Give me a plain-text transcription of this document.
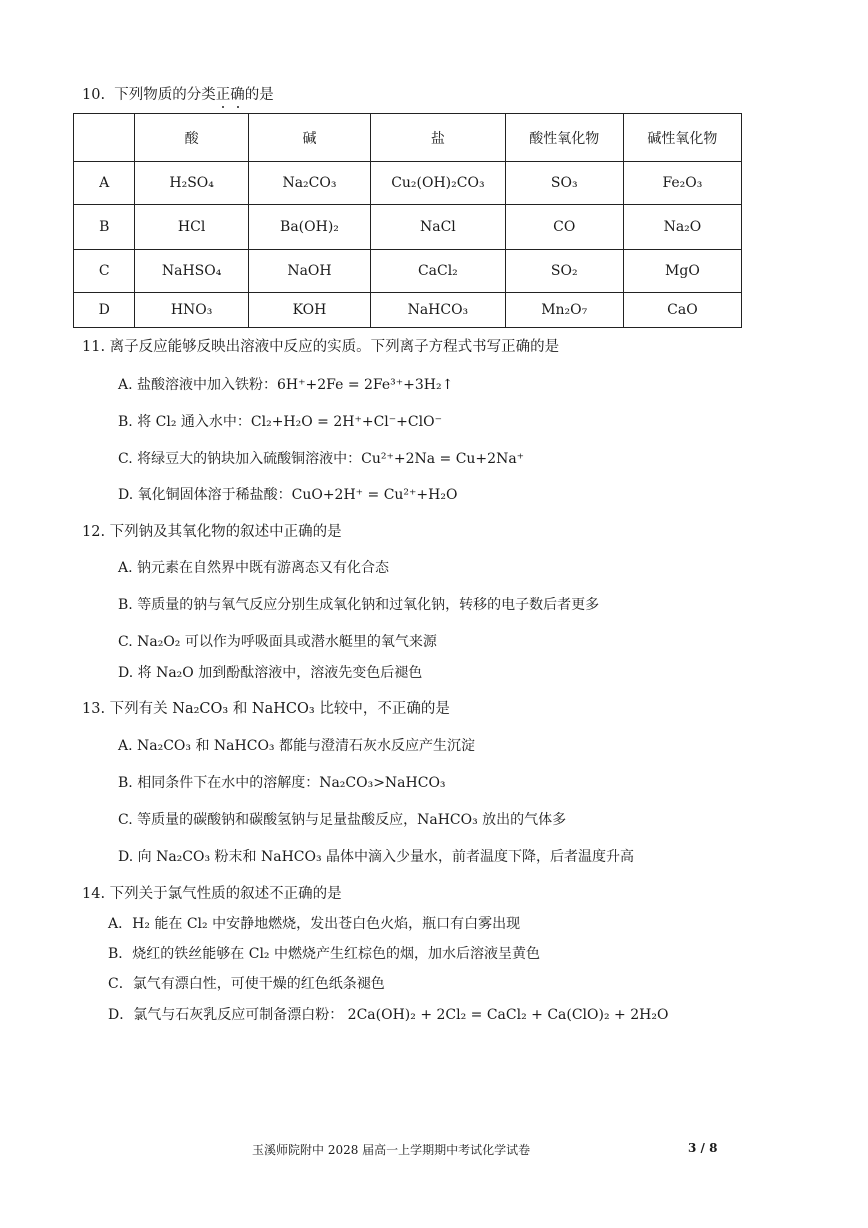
10. 下列物质的分类正确的是
	酸	碱	盐	酸性氧化物	碱性氧化物
A	H₂SO₄	Na₂CO₃	Cu₂(OH)₂CO₃	SO₃	Fe₂O₃
B	HCl	Ba(OH)₂	NaCl	CO	Na₂O
C	NaHSO₄	NaOH	CaCl₂	SO₂	MgO
D	HNO₃	KOH	NaHCO₃	Mn₂O₇	CaO
11. 离子反应能够反映出溶液中反应的实质。下列离子方程式书写正确的是
A. 盐酸溶液中加入铁粉：6H⁺+2Fe = 2Fe³⁺+3H₂↑
B. 将 Cl₂ 通入水中：Cl₂+H₂O = 2H⁺+Cl⁻+ClO⁻
C. 将绿豆大的钠块加入硫酸铜溶液中：Cu²⁺+2Na = Cu+2Na⁺
D. 氧化铜固体溶于稀盐酸：CuO+2H⁺ = Cu²⁺+H₂O
12. 下列钠及其氧化物的叙述中正确的是
A. 钠元素在自然界中既有游离态又有化合态
B. 等质量的钠与氧气反应分别生成氧化钠和过氧化钠，转移的电子数后者更多
C. Na₂O₂ 可以作为呼吸面具或潜水艇里的氧气来源
D. 将 Na₂O 加到酚酞溶液中，溶液先变色后褪色
13. 下列有关 Na₂CO₃ 和 NaHCO₃ 比较中，不正确的是
A. Na₂CO₃ 和 NaHCO₃ 都能与澄清石灰水反应产生沉淀
B. 相同条件下在水中的溶解度：Na₂CO₃>NaHCO₃
C. 等质量的碳酸钠和碳酸氢钠与足量盐酸反应，NaHCO₃ 放出的气体多
D. 向 Na₂CO₃ 粉末和 NaHCO₃ 晶体中滴入少量水，前者温度下降，后者温度升高
14. 下列关于氯气性质的叙述不正确的是
A．H₂ 能在 Cl₂ 中安静地燃烧，发出苍白色火焰，瓶口有白雾出现
B．烧红的铁丝能够在 Cl₂ 中燃烧产生红棕色的烟，加水后溶液呈黄色
C．氯气有漂白性，可使干燥的红色纸条褪色
D．氯气与石灰乳反应可制备漂白粉： 2Ca(OH)₂ + 2Cl₂ = CaCl₂ + Ca(ClO)₂ + 2H₂O
玉溪师院附中 2028 届高一上学期期中考试化学试卷	3 / 8
